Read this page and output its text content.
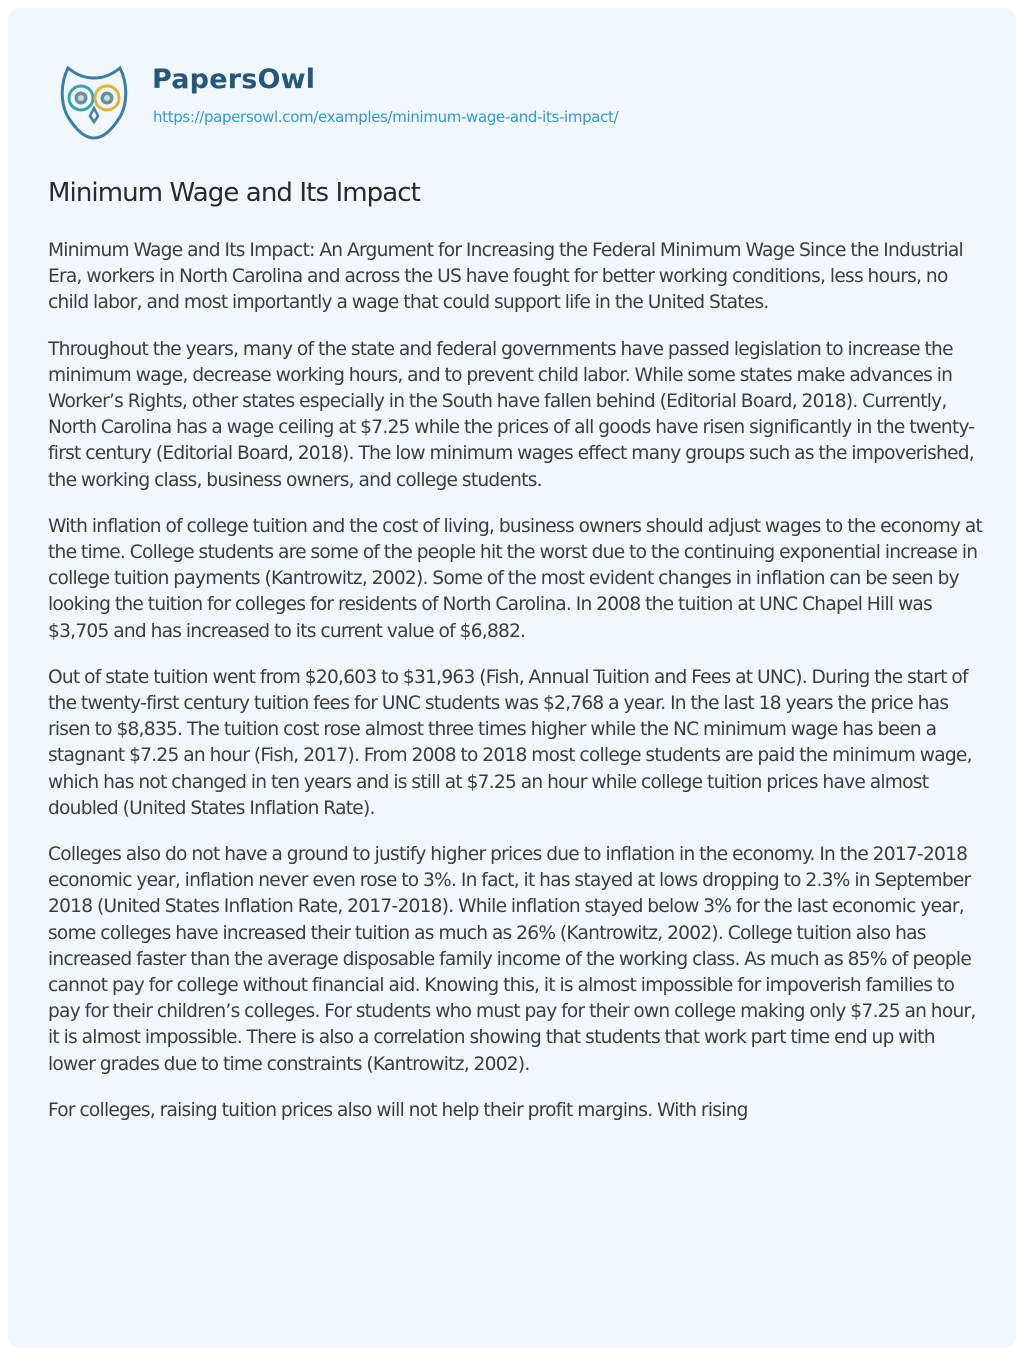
PapersOwl
https://papersowl.com/examples/minimum-wage-and-its-impact/
Minimum Wage and Its Impact

Minimum Wage and Its Impact: An Argument for Increasing the Federal Minimum Wage Since the Industrial Era, workers in North Carolina and across the US have fought for better working conditions, less hours, no child labor, and most importantly a wage that could support life in the United States.

Throughout the years, many of the state and federal governments have passed legislation to increase the minimum wage, decrease working hours, and to prevent child labor. While some states make advances in Worker’s Rights, other states especially in the South have fallen behind (Editorial Board, 2018). Currently, North Carolina has a wage ceiling at $7.25 while the prices of all goods have risen significantly in the twenty-first century (Editorial Board, 2018). The low minimum wages effect many groups such as the impoverished, the working class, business owners, and college students.

With inflation of college tuition and the cost of living, business owners should adjust wages to the economy at the time. College students are some of the people hit the worst due to the continuing exponential increase in college tuition payments (Kantrowitz, 2002). Some of the most evident changes in inflation can be seen by looking the tuition for colleges for residents of North Carolina. In 2008 the tuition at UNC Chapel Hill was $3,705 and has increased to its current value of $6,882.

Out of state tuition went from $20,603 to $31,963 (Fish, Annual Tuition and Fees at UNC). During the start of the twenty-first century tuition fees for UNC students was $2,768 a year. In the last 18 years the price has risen to $8,835. The tuition cost rose almost three times higher while the NC minimum wage has been a stagnant $7.25 an hour (Fish, 2017). From 2008 to 2018 most college students are paid the minimum wage, which has not changed in ten years and is still at $7.25 an hour while college tuition prices have almost doubled (United States Inflation Rate).

Colleges also do not have a ground to justify higher prices due to inflation in the economy. In the 2017-2018 economic year, inflation never even rose to 3%. In fact, it has stayed at lows dropping to 2.3% in September 2018 (United States Inflation Rate, 2017-2018). While inflation stayed below 3% for the last economic year, some colleges have increased their tuition as much as 26% (Kantrowitz, 2002). College tuition also has increased faster than the average disposable family income of the working class. As much as 85% of people cannot pay for college without financial aid. Knowing this, it is almost impossible for impoverish families to pay for their children’s colleges. For students who must pay for their own college making only $7.25 an hour, it is almost impossible. There is also a correlation showing that students that work part time end up with lower grades due to time constraints (Kantrowitz, 2002).

For colleges, raising tuition prices also will not help their profit margins. With rising
